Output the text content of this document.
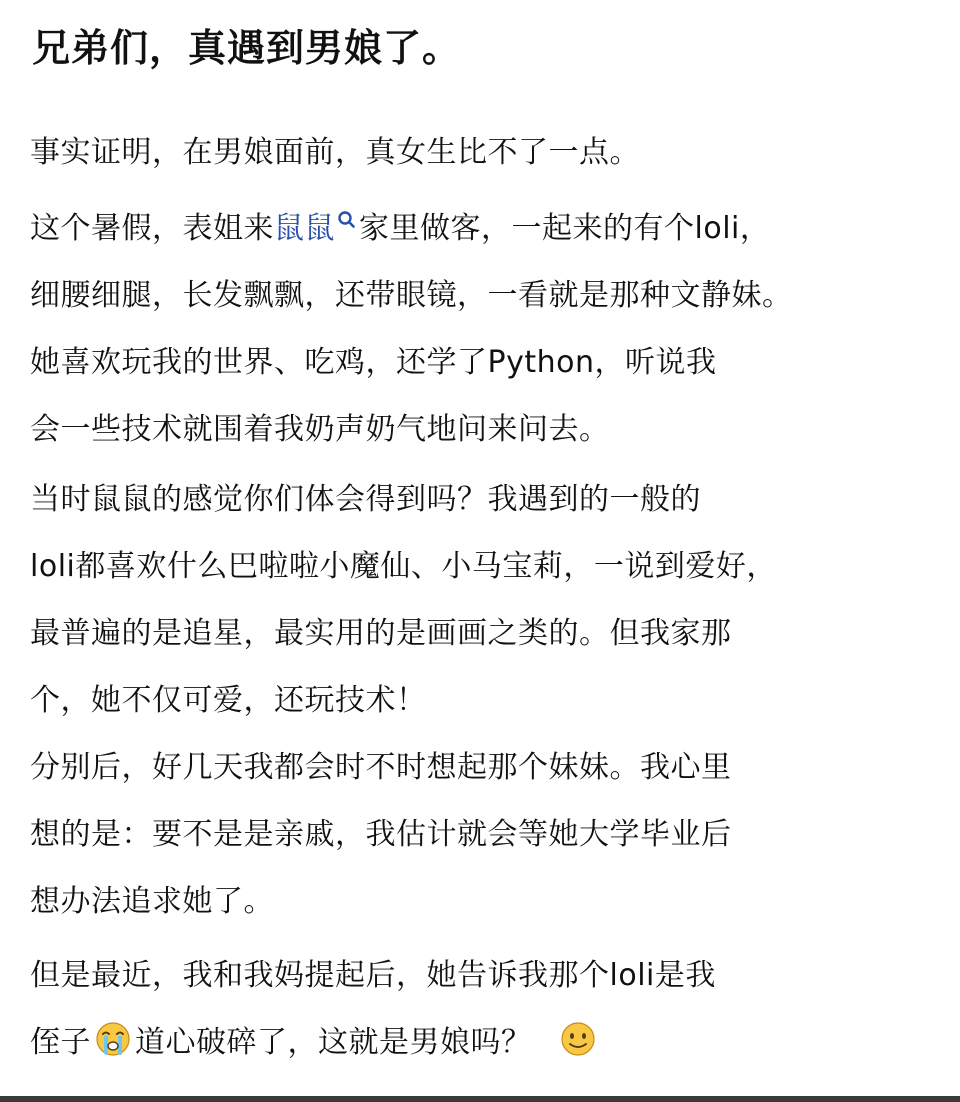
兄弟们，真遇到男娘了。
事实证明，在男娘面前，真女生比不了一点。
这个暑假，表姐来鼠鼠 家里做客，一起来的有个loli，
细腰细腿，长发飘飘，还带眼镜，一看就是那种文静妹。
她喜欢玩我的世界、吃鸡，还学了Python，听说我
会一些技术就围着我奶声奶气地问来问去。
当时鼠鼠的感觉你们体会得到吗？我遇到的一般的
loli都喜欢什么巴啦啦小魔仙、小马宝莉，一说到爱好，
最普遍的是追星，最实用的是画画之类的。但我家那
个，她不仅可爱，还玩技术！
分别后，好几天我都会时不时想起那个妹妹。我心里
想的是：要不是是亲戚，我估计就会等她大学毕业后
想办法追求她了。
但是最近，我和我妈提起后，她告诉我那个loli是我
侄子 道心破碎了，这就是男娘吗？
